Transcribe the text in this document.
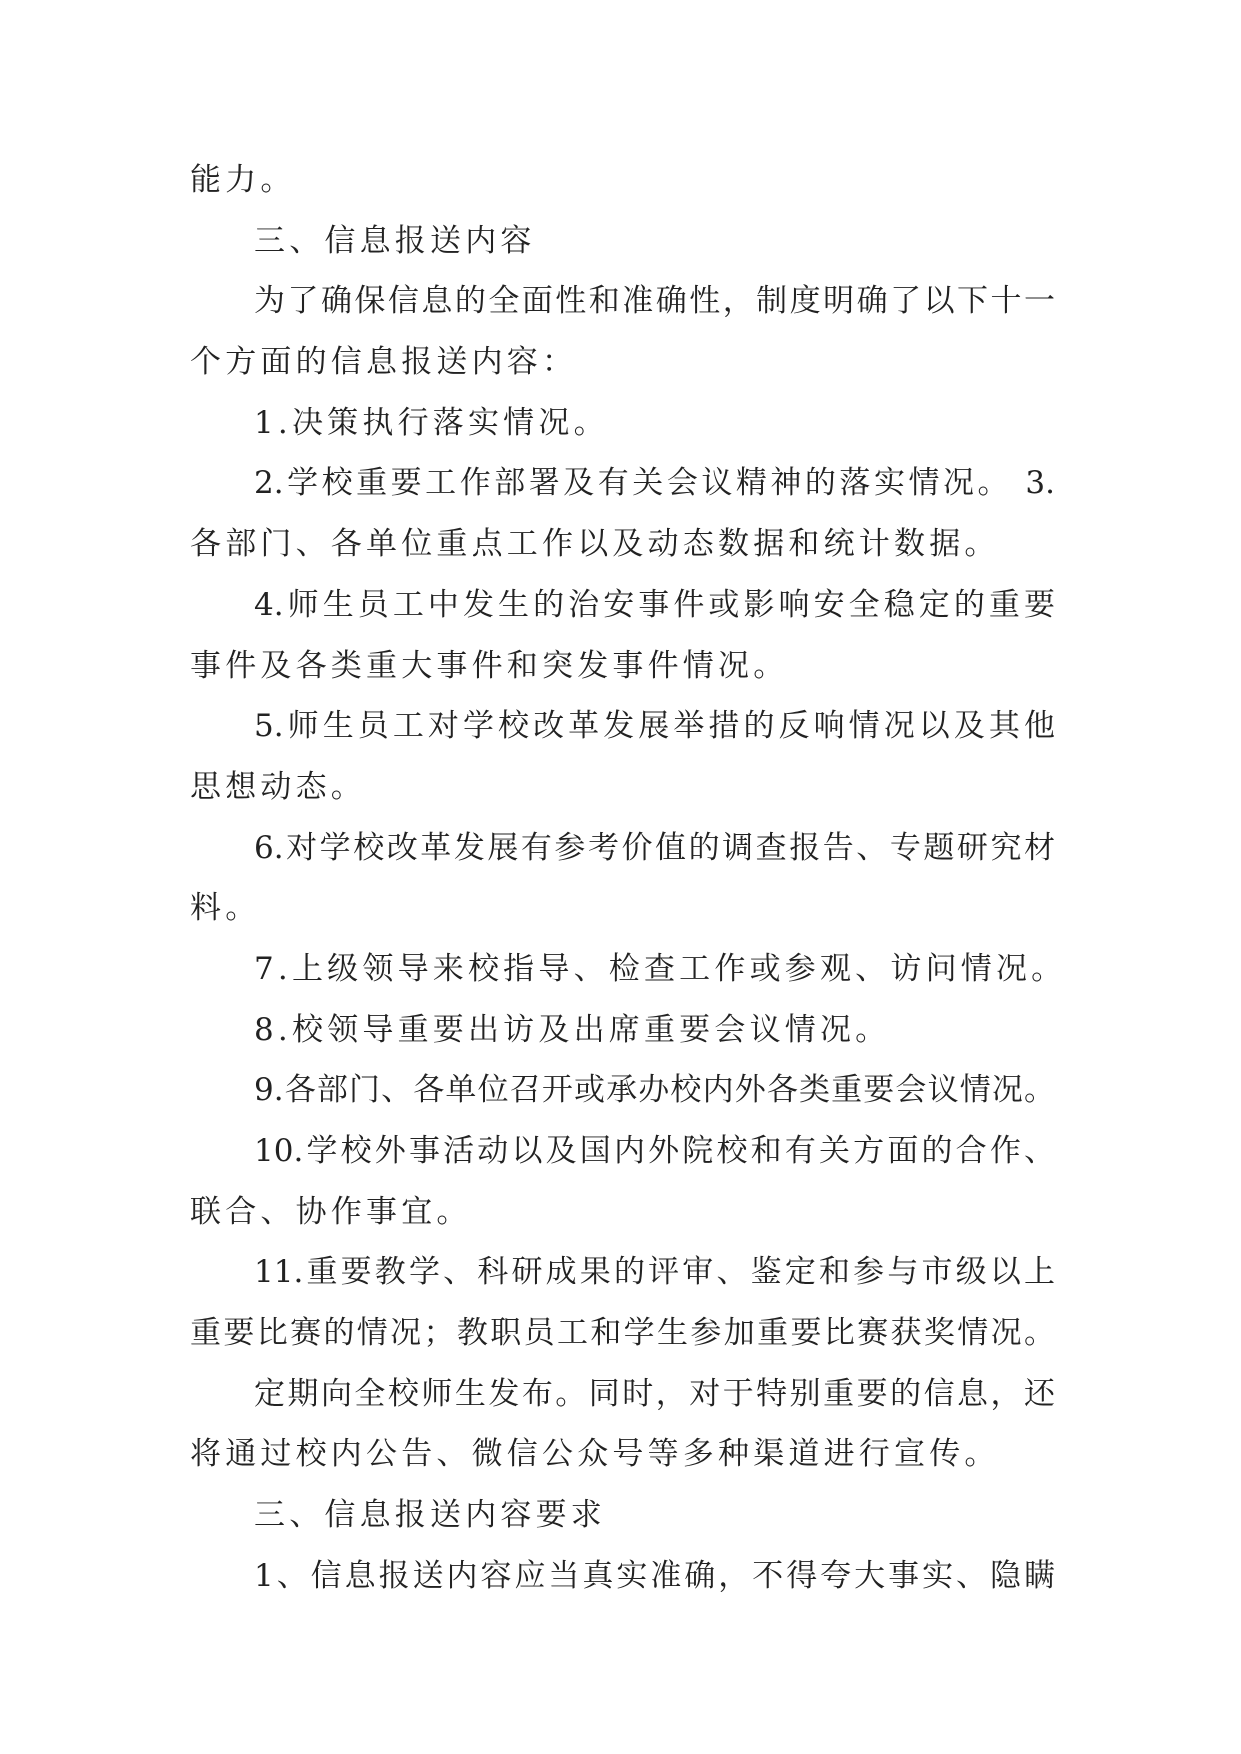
能力。
三、信息报送内容
为了确保信息的全面性和准确性，制度明确了以下十一
个方面的信息报送内容：
1.决策执行落实情况。
2.学校重要工作部署及有关会议精神的落实情况。 3.
各部门、各单位重点工作以及动态数据和统计数据。
4.师生员工中发生的治安事件或影响安全稳定的重要
事件及各类重大事件和突发事件情况。
5.师生员工对学校改革发展举措的反响情况以及其他
思想动态。
6.对学校改革发展有参考价值的调查报告、专题研究材
料。
7.上级领导来校指导、检查工作或参观、访问情况。
8.校领导重要出访及出席重要会议情况。
9.各部门、各单位召开或承办校内外各类重要会议情况。
10.学校外事活动以及国内外院校和有关方面的合作、
联合、协作事宜。
11.重要教学、科研成果的评审、鉴定和参与市级以上
重要比赛的情况；教职员工和学生参加重要比赛获奖情况。
定期向全校师生发布。同时，对于特别重要的信息，还
将通过校内公告、微信公众号等多种渠道进行宣传。
三、信息报送内容要求
1、信息报送内容应当真实准确，不得夸大事实、隐瞒
